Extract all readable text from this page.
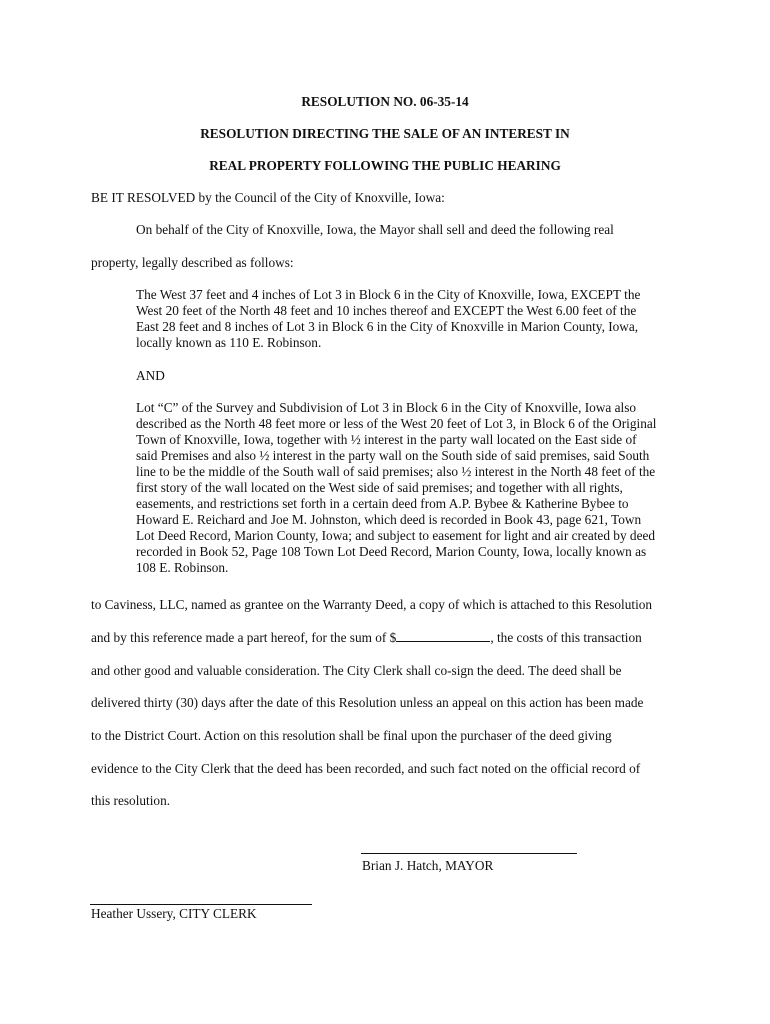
RESOLUTION NO. 06-35-14
RESOLUTION DIRECTING THE SALE OF AN INTEREST IN
REAL PROPERTY FOLLOWING THE PUBLIC HEARING
BE IT RESOLVED by the Council of the City of Knoxville, Iowa:
On behalf of the City of Knoxville, Iowa, the Mayor shall sell and deed the following real
property, legally described as follows:
The West 37 feet and 4 inches of Lot 3 in Block 6 in the City of Knoxville, Iowa, EXCEPT the
West 20 feet of the North 48 feet and 10 inches thereof and EXCEPT the West 6.00 feet of the
East 28 feet and 8 inches of Lot 3 in Block 6 in the City of Knoxville in Marion County, Iowa,
locally known as 110 E. Robinson.
AND
Lot “C” of the Survey and Subdivision of Lot 3 in Block 6 in the City of Knoxville, Iowa also
described as the North 48 feet more or less of the West 20 feet of Lot 3, in Block 6 of the Original
Town of Knoxville, Iowa, together with ½ interest in the party wall located on the East side of
said Premises and also ½ interest in the party wall on the South side of said premises, said South
line to be the middle of the South wall of said premises; also ½ interest in the North 48 feet of the
first story of the wall located on the West side of said premises; and together with all rights,
easements, and restrictions set forth in a certain deed from A.P. Bybee & Katherine Bybee to
Howard E. Reichard and Joe M. Johnston, which deed is recorded in Book 43, page 621, Town
Lot Deed Record, Marion County, Iowa; and subject to easement for light and air created by deed
recorded in Book 52, Page 108 Town Lot Deed Record, Marion County, Iowa, locally known as
108 E. Robinson.
to Caviness, LLC, named as grantee on the Warranty Deed, a copy of which is attached to this Resolution
and by this reference made a part hereof, for the sum of $	, the costs of this transaction
and other good and valuable consideration. The City Clerk shall co-sign the deed. The deed shall be
delivered thirty (30) days after the date of this Resolution unless an appeal on this action has been made
to the District Court. Action on this resolution shall be final upon the purchaser of the deed giving
evidence to the City Clerk that the deed has been recorded, and such fact noted on the official record of
this resolution.
Brian J. Hatch, MAYOR
Heather Ussery, CITY CLERK
